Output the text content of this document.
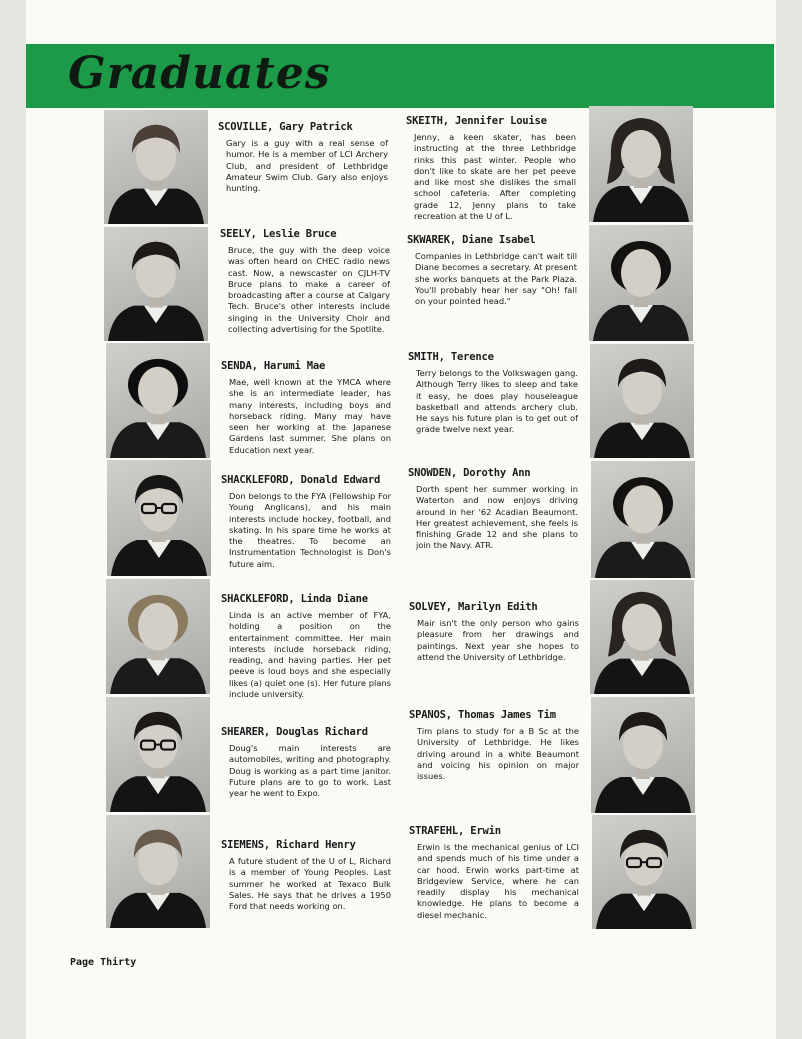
Graduates
SCOVILLE, Gary Patrick
Gary is a guy with a real sense of humor. He is a member of LCI Archery Club, and president of Lethbridge Amateur Swim Club. Gary also enjoys hunting.
SEELY, Leslie Bruce
Bruce, the guy with the deep voice was often heard on CHEC radio news cast. Now, a newscaster on CJLH-TV Bruce plans to make a career of broadcasting after a course at Calgary Tech. Bruce's other interests include singing in the University Choir and collecting advertising for the Spotlite.
SENDA, Harumi Mae
Mae, well known at the YMCA where she is an intermediate leader, has many interests, including boys and horseback riding. Many may have seen her working at the Japanese Gardens last summer. She plans on Education next year.
SHACKLEFORD, Donald Edward
Don belongs to the FYA (Fellowship For Young Anglicans), and his main interests include hockey, football, and skating. In his spare time he works at the theatres. To become an Instrumentation Technologist is Don's future aim.
SHACKLEFORD, Linda Diane
Linda is an active member of FYA, holding a position on the entertainment committee. Her main interests include horseback riding, reading, and having parties. Her pet peeve is loud boys and she especially likes (a) quiet one (s). Her future plans include university.
SHEARER, Douglas Richard
Doug's main interests are automobiles, writing and photography. Doug is working as a part time janitor. Future plans are to go to work. Last year he went to Expo.
SIEMENS, Richard Henry
A future student of the U of L, Richard is a member of Young Peoples. Last summer he worked at Texaco Bulk Sales. He says that he drives a 1950 Ford that needs working on.
SKEITH, Jennifer Louise
Jenny, a keen skater, has been instructing at the three Lethbridge rinks this past winter. People who don't like to skate are her pet peeve and like most she dislikes the small school cafeteria. After completing grade 12, Jenny plans to take recreation at the U of L.
SKWAREK, Diane Isabel
Companies in Lethbridge can't wait till Diane becomes a secretary. At present she works banquets at the Park Plaza. You'll probably hear her say "Oh! fall on your pointed head."
SMITH, Terence
Terry belongs to the Volkswagen gang. Although Terry likes to sleep and take it easy, he does play houseleague basketball and attends archery club. He says his future plan is to get out of grade twelve next year.
SNOWDEN, Dorothy Ann
Dorth spent her summer working in Waterton and now enjoys driving around in her '62 Acadian Beaumont. Her greatest achievement, she feels is finishing Grade 12 and she plans to join the Navy. ATR.
SOLVEY, Marilyn Edith
Mair isn't the only person who gains pleasure from her drawings and paintings. Next year she hopes to attend the University of Lethbridge.
SPANOS, Thomas James Tim
Tim plans to study for a B Sc at the University of Lethbridge. He likes driving around in a white Beaumont and voicing his opinion on major issues.
STRAFEHL, Erwin
Erwin is the mechanical genius of LCI and spends much of his time under a car hood. Erwin works part-time at Bridgeview Service, where he can readily display his mechanical knowledge. He plans to become a diesel mechanic.
Page Thirty
